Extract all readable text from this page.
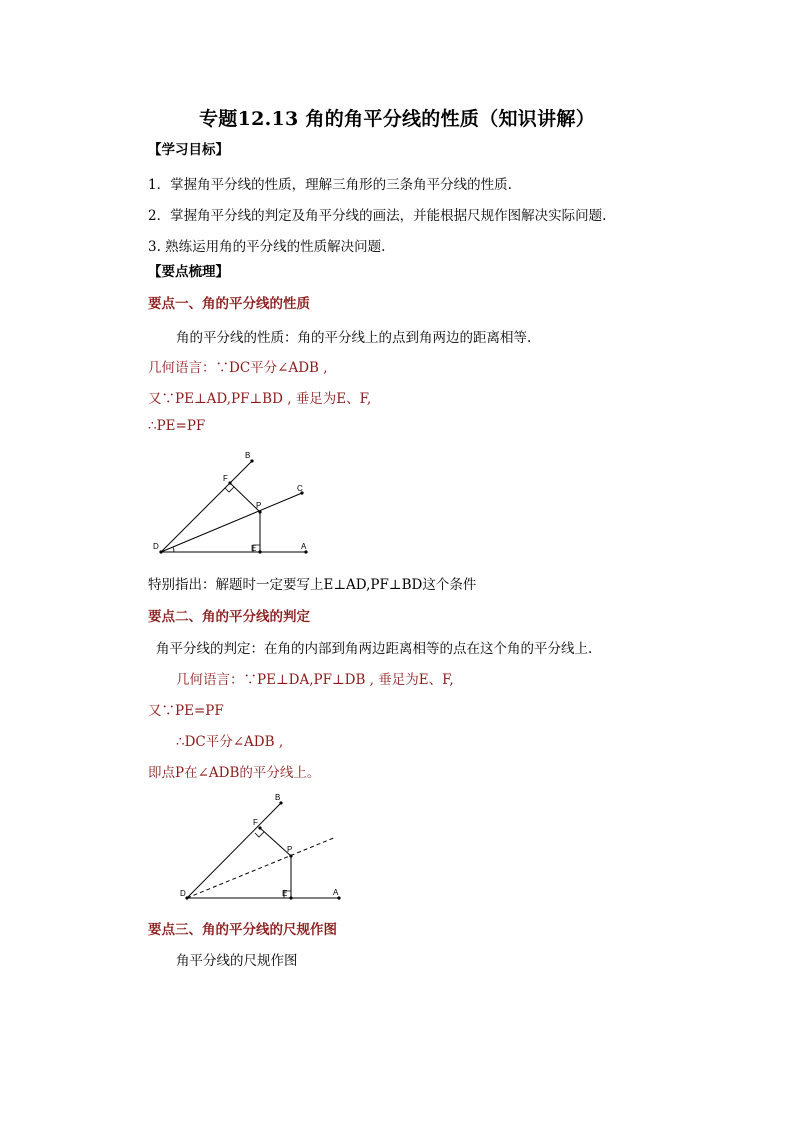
专题12.13 角的角平分线的性质（知识讲解）
【学习目标】
1．掌握角平分线的性质，理解三角形的三条角平分线的性质.
2．掌握角平分线的判定及角平分线的画法，并能根据尺规作图解决实际问题.
3. 熟练运用角的平分线的性质解决问题.
【要点梳理】
要点一、角的平分线的性质
角的平分线的性质：角的平分线上的点到角两边的距离相等.
几何语言：∵DC平分∠ADB ,
又∵PE⊥AD,PF⊥BD , 垂足为E、F,
∴PE=PF
B
F
C
P
D	E	A
特别指出：解题时一定要写上E⊥AD,PF⊥BD这个条件
要点二、角的平分线的判定
角平分线的判定：在角的内部到角两边距离相等的点在这个角的平分线上.
几何语言：∵PE⊥DA,PF⊥DB , 垂足为E、F,
又∵PE=PF
∴DC平分∠ADB ,
即点P在∠ADB的平分线上。
B
F
P
D	E	A
要点三、角的平分线的尺规作图
角平分线的尺规作图
